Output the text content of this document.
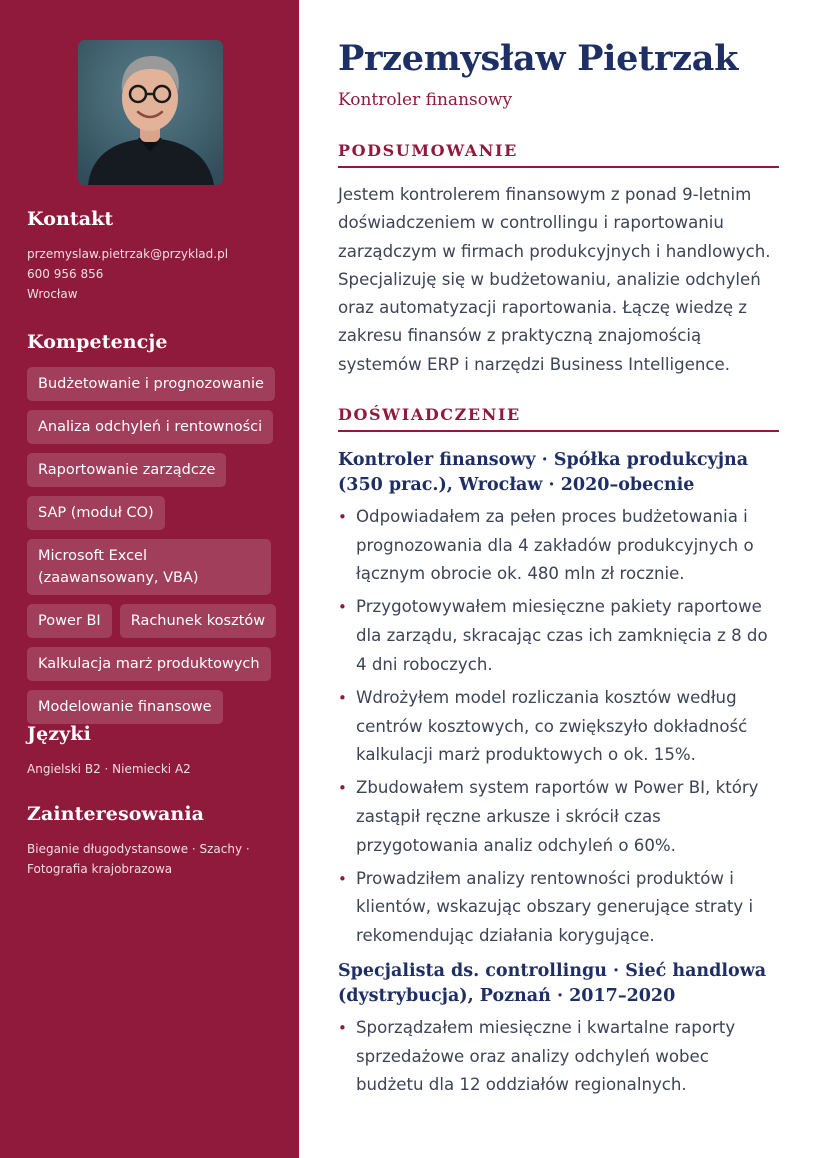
Kontakt
przemyslaw.pietrzak@przyklad.pl
600 956 856
Wrocław
Kompetencje
Budżetowanie i prognozowanie
Analiza odchyleń i rentowności
Raportowanie zarządcze
SAP (moduł CO)
Microsoft Excel (zaawansowany, VBA)
Power BI	Rachunek kosztów
Kalkulacja marż produktowych
Modelowanie finansowe
Języki
Angielski B2 · Niemiecki A2
Zainteresowania
Bieganie długodystansowe · Szachy · Fotografia krajobrazowa
Przemysław Pietrzak
Kontroler finansowy
PODSUMOWANIE

Jestem kontrolerem finansowym z ponad 9-letnim doświadczeniem w controllingu i raportowaniu zarządczym w firmach produkcyjnych i handlowych. Specjalizuję się w budżetowaniu, analizie odchyleń oraz automatyzacji raportowania. Łączę wiedzę z zakresu finansów z praktyczną znajomością systemów ERP i narzędzi Business Intelligence.

DOŚWIADCZENIE
Kontroler finansowy · Spółka produkcyjna (350 prac.), Wrocław · 2020–obecnie
• Odpowiadałem za pełen proces budżetowania i prognozowania dla 4 zakładów produkcyjnych o łącznym obrocie ok. 480 mln zł rocznie.
• Przygotowywałem miesięczne pakiety raportowe dla zarządu, skracając czas ich zamknięcia z 8 do 4 dni roboczych.
• Wdrożyłem model rozliczania kosztów według centrów kosztowych, co zwiększyło dokładność kalkulacji marż produktowych o ok. 15%.
• Zbudowałem system raportów w Power BI, który zastąpił ręczne arkusze i skrócił czas przygotowania analiz odchyleń o 60%.
• Prowadziłem analizy rentowności produktów i klientów, wskazując obszary generujące straty i rekomendując działania korygujące.
Specjalista ds. controllingu · Sieć handlowa (dystrybucja), Poznań · 2017–2020
• Sporządzałem miesięczne i kwartalne raporty sprzedażowe oraz analizy odchyleń wobec budżetu dla 12 oddziałów regionalnych.
